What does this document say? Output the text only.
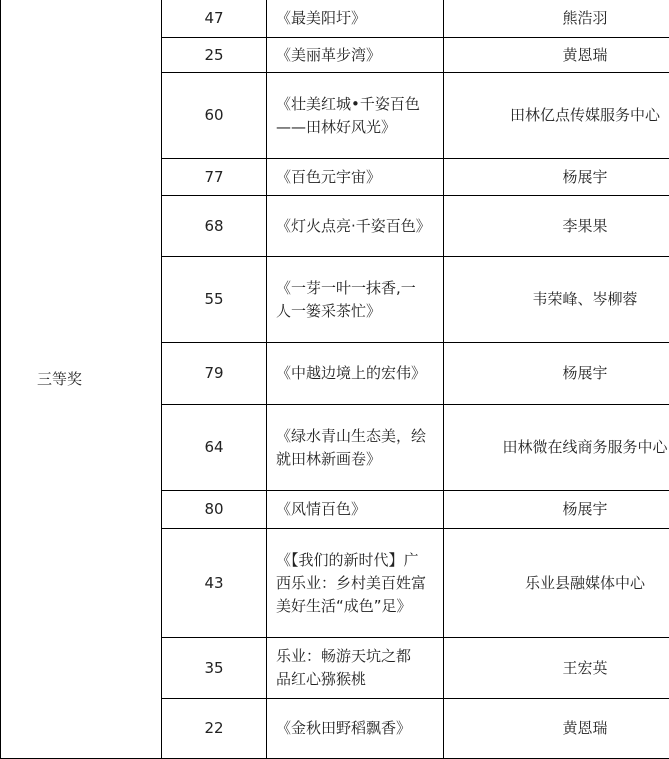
三等奖	47	《最美阳圩》	熊浩羽
	25	《美丽革步湾》	黄恩瑞
	60	《壮美红城•千姿百色——田林好风光》	田林亿点传媒服务中心
	77	《百色元宇宙》	杨展宇
	68	《灯火点亮·千姿百色》	李果果
	55	《一芽一叶一抹香,一人一篓采茶忙》	韦荣峰、岑柳蓉
	79	《中越边境上的宏伟》	杨展宇
	64	《绿水青山生态美，绘就田林新画卷》	田林微在线商务服务中心
	80	《风情百色》	杨展宇
	43	《【我们的新时代】广西乐业：乡村美百姓富 美好生活“成色”足》	乐业县融媒体中心
	35	乐业：畅游天坑之都　品红心猕猴桃	王宏英
	22	《金秋田野稻飘香》	黄恩瑞
